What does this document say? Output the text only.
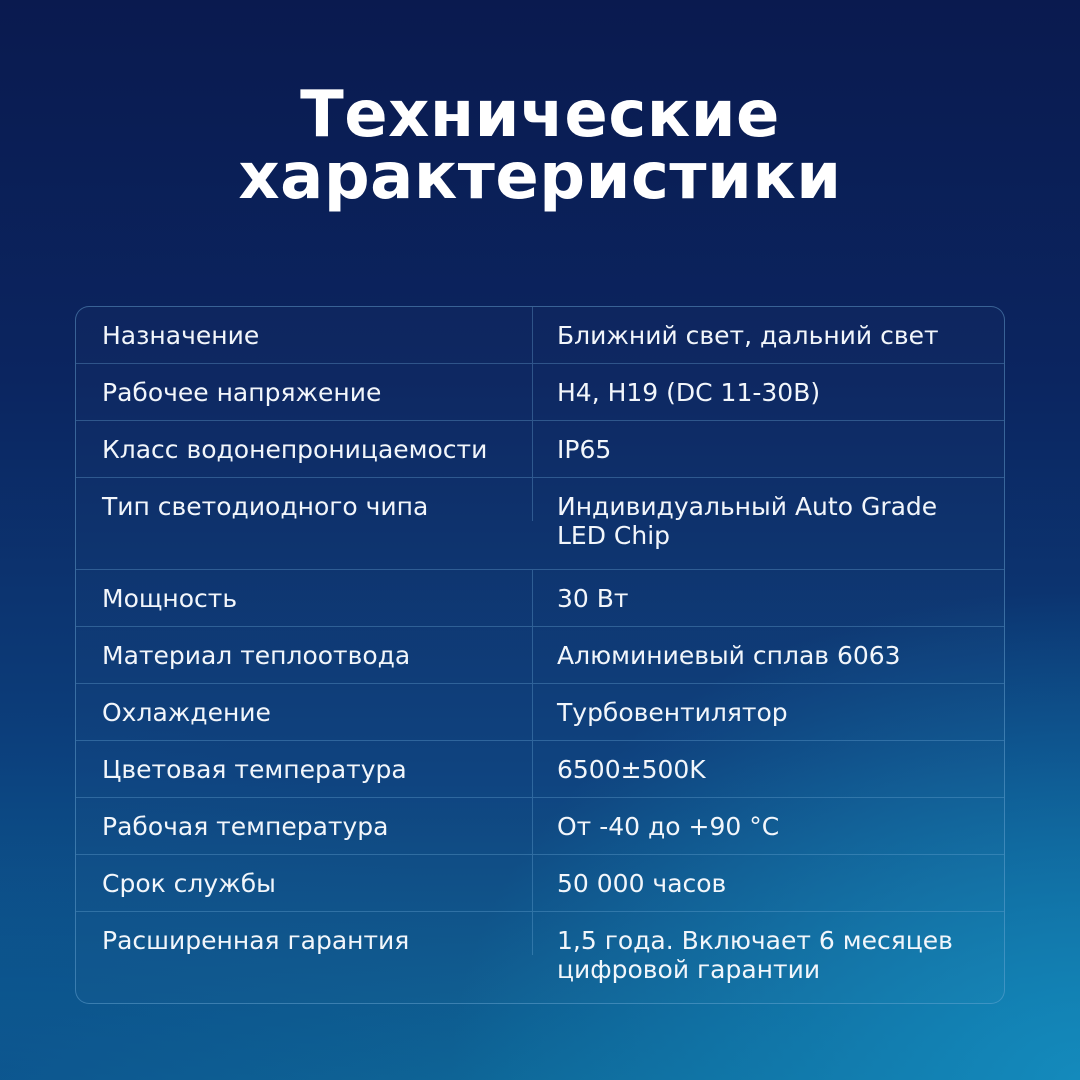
Технические
характеристики
Назначение	Ближний свет, дальний свет
Рабочее напряжение	H4, H19 (DC 11-30В)
Класс водонепроницаемости	IP65
Тип светодиодного чипа	Индивидуальный Auto Grade LED Chip
Мощность	30 Вт
Материал теплоотвода	Алюминиевый сплав 6063
Охлаждение	Турбовентилятор
Цветовая температура	6500±500K
Рабочая температура	От -40 до +90 °C
Срок службы	50 000 часов
Расширенная гарантия	1,5 года. Включает 6 месяцев цифровой гарантии
